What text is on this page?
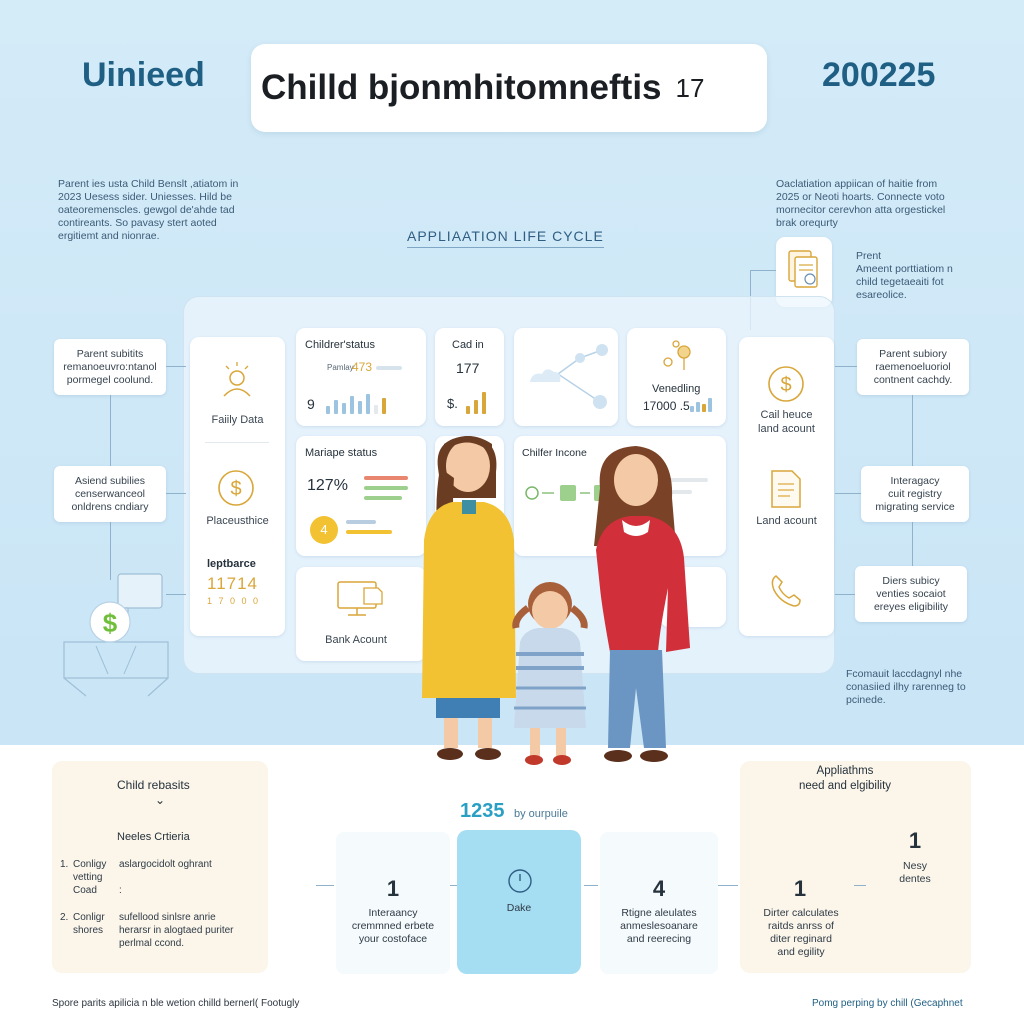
Uinieed Chilld bjonmhitomneftis 17	200225
Parent ies usta Child Benslt ,atiatom in
2023 Uesess sider. Uniesses. Hild be
oateoremenscles. gewgol de'ahde tad
contireants. So pavasy stert aoted
ergitiemt and nionrae.
Oaclatiation appiican of haitie from
2025 or Neoti hoarts. Connecte voto
mornecitor cerevhon atta orgestickel
brak orequrty
APPLIAATION LIFE CYCLE
Prent
Ameent porttiatiom n
child tegetaeaiti fot
esareolice.
Faiily Data
$
Placeusthice
leptbarce
11714
1 7 0 0 0
Childrer'status
Pamlay
473
9
Cad in
177
$.
Venedling
17000 .5
Mariape status
127%
4
Chilfer Incone
Bank Acount
$
Cail heuce
land acount
Land acount
Parent subitits
remanoeuvro:ntanol
pormegel coolund.
Asiend subilies
censerwanceol
onldrens cndiary
$
Parent subiory
raemenoeluoriol
contnent cachdy.
Interagacy
cuit registry
migrating service
Diers subicy
venties socaiot
ereyes eligibility
Fcomauit laccdagnyl nhe
conasiied ilhy rarenneg to
pcinede.
Child rebasits
⌄
Neeles Crtieria
1. Conligy	aslargocidolt oghrant
vetting
Coad	:
2. Conligr	sufellood sinlsre anrie
shores	herarsr in alogtaed puriter
perlmal ccond.
1235 by ourpuile
1
Interaancy
cremmned erbete
your costoface
Dake
4
Rtigne aleulates
anmeslesoanare
and reerecing
Appliathms
need and elgibility
1
Dirter calculates
raitds anrss of
diter reginard
and egility
1
Nesy
dentes
Spore parits apilicia n ble wetion chilld bernerl( Footugly	Pomg perping by chill (Gecaphnet
